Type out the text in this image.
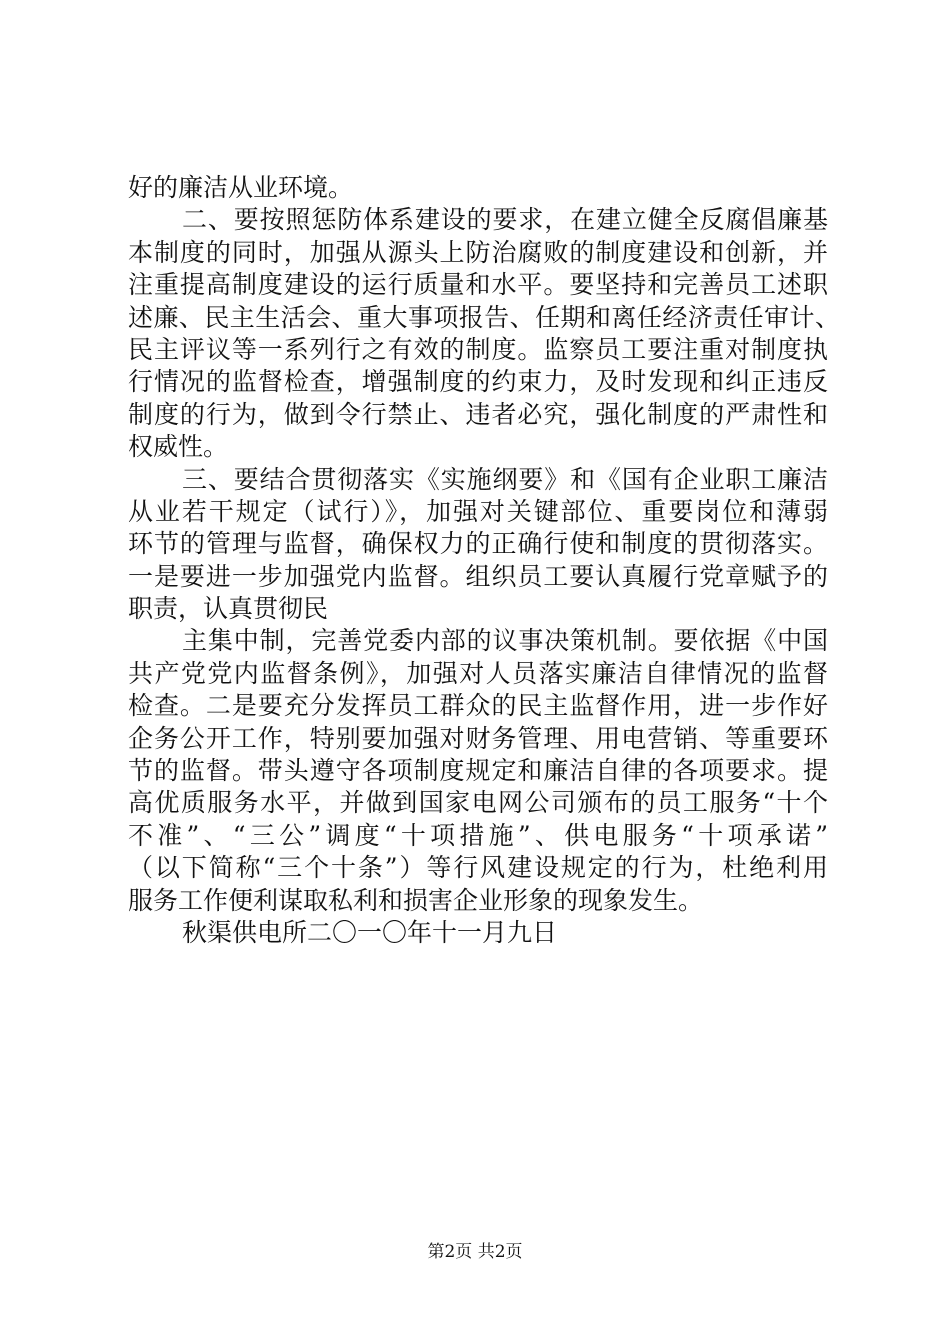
好的廉洁从业环境。
二、要按照惩防体系建设的要求，在建立健全反腐倡廉基
本制度的同时，加强从源头上防治腐败的制度建设和创新，并
注重提高制度建设的运行质量和水平。要坚持和完善员工述职
述廉、民主生活会、重大事项报告、任期和离任经济责任审计、
民主评议等一系列行之有效的制度。监察员工要注重对制度执
行情况的监督检查，增强制度的约束力，及时发现和纠正违反
制度的行为，做到令行禁止、违者必究，强化制度的严肃性和
权威性。
三、要结合贯彻落实《实施纲要》和《国有企业职工廉洁
从业若干规定（试行）》，加强对关键部位、重要岗位和薄弱
环节的管理与监督，确保权力的正确行使和制度的贯彻落实。
一是要进一步加强党内监督。组织员工要认真履行党章赋予的
职责，认真贯彻民
主集中制，完善党委内部的议事决策机制。要依据《中国
共产党党内监督条例》，加强对人员落实廉洁自律情况的监督
检查。二是要充分发挥员工群众的民主监督作用，进一步作好
企务公开工作，特别要加强对财务管理、用电营销、等重要环
节的监督。带头遵守各项制度规定和廉洁自律的各项要求。提
高优质服务水平，并做到国家电网公司颁布的员工服务“十个
不准”、“三公”调度“十项措施”、供电服务“十项承诺”
（以下简称“三个十条”）等行风建设规定的行为，杜绝利用
服务工作便利谋取私利和损害企业形象的现象发生。
秋渠供电所二〇一〇年十一月九日
第2页 共2页
